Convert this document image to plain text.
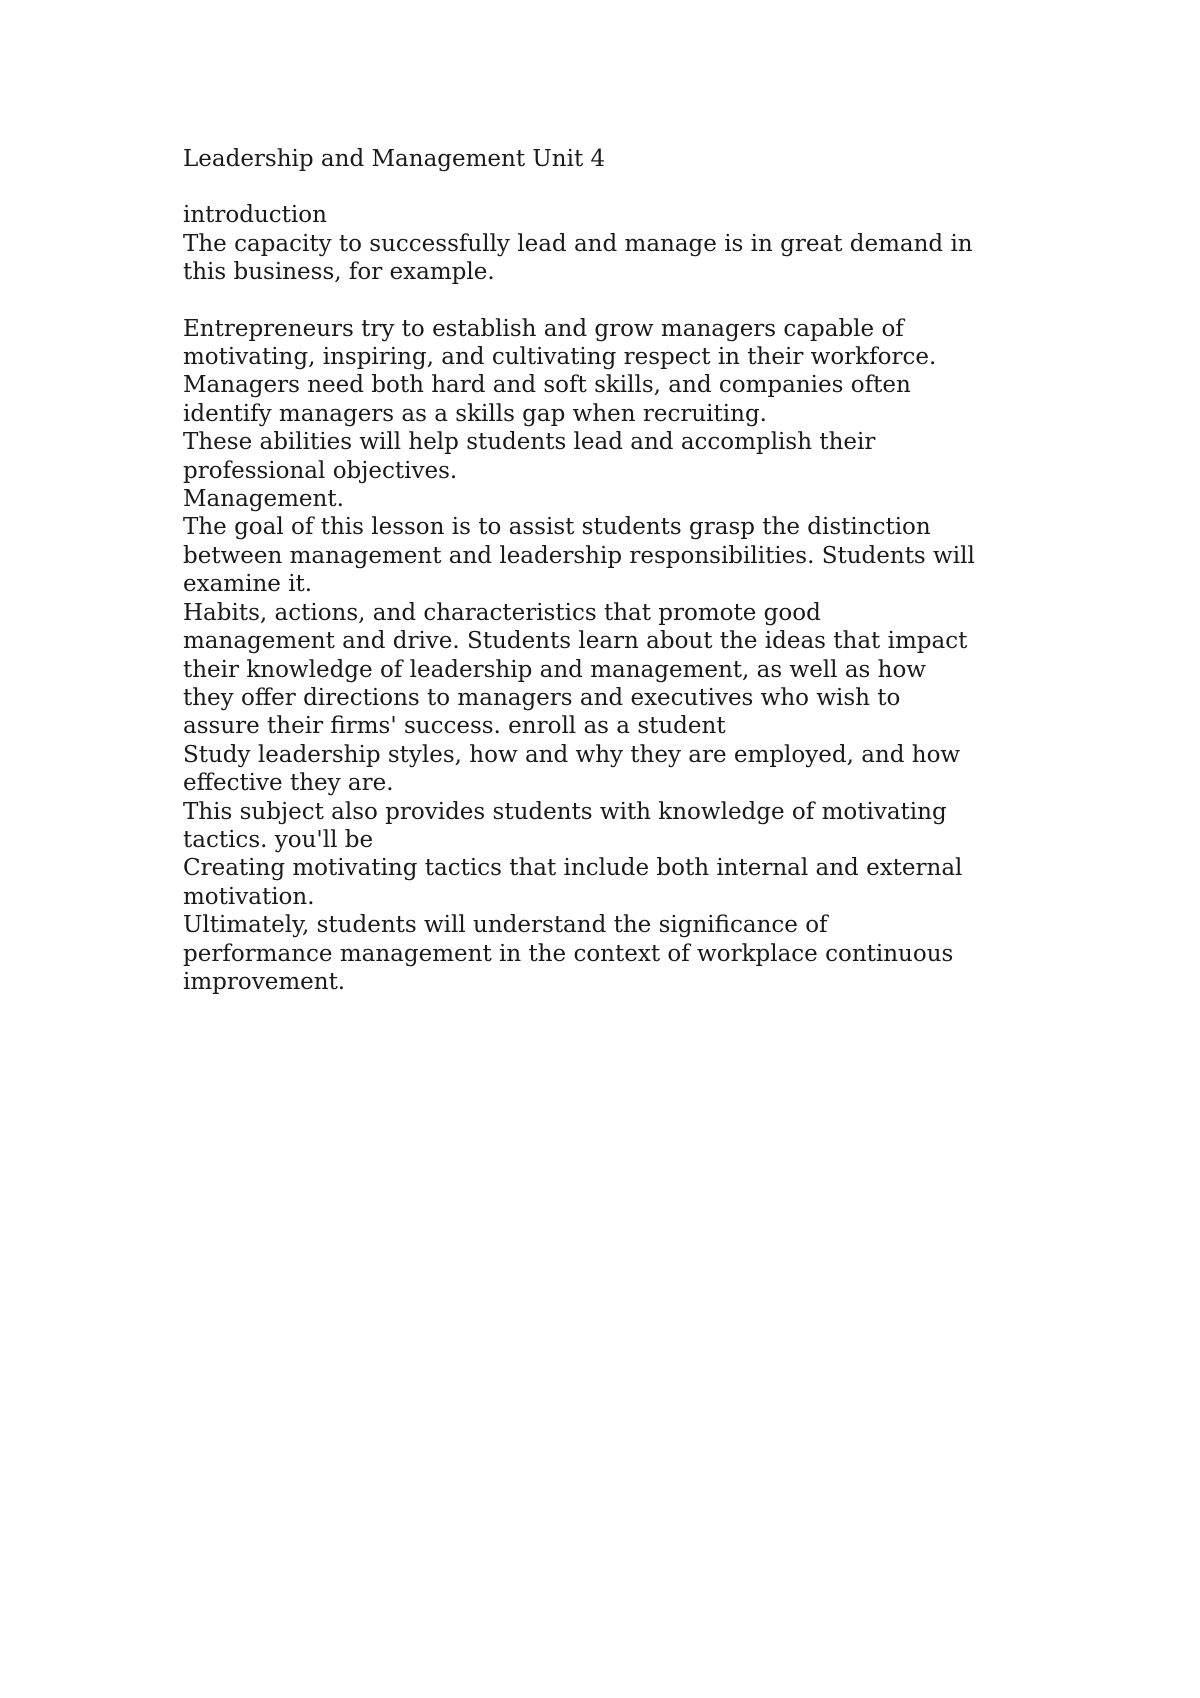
Leadership and Management Unit 4
introduction
The capacity to successfully lead and manage is in great demand in
this business, for example.
Entrepreneurs try to establish and grow managers capable of
motivating, inspiring, and cultivating respect in their workforce.
Managers need both hard and soft skills, and companies often
identify managers as a skills gap when recruiting.
These abilities will help students lead and accomplish their
professional objectives.
Management.
The goal of this lesson is to assist students grasp the distinction
between management and leadership responsibilities. Students will
examine it.
Habits, actions, and characteristics that promote good
management and drive. Students learn about the ideas that impact
their knowledge of leadership and management, as well as how
they offer directions to managers and executives who wish to
assure their firms' success. enroll as a student
Study leadership styles, how and why they are employed, and how
effective they are.
This subject also provides students with knowledge of motivating
tactics. you'll be
Creating motivating tactics that include both internal and external
motivation.
Ultimately, students will understand the significance of
performance management in the context of workplace continuous
improvement.
